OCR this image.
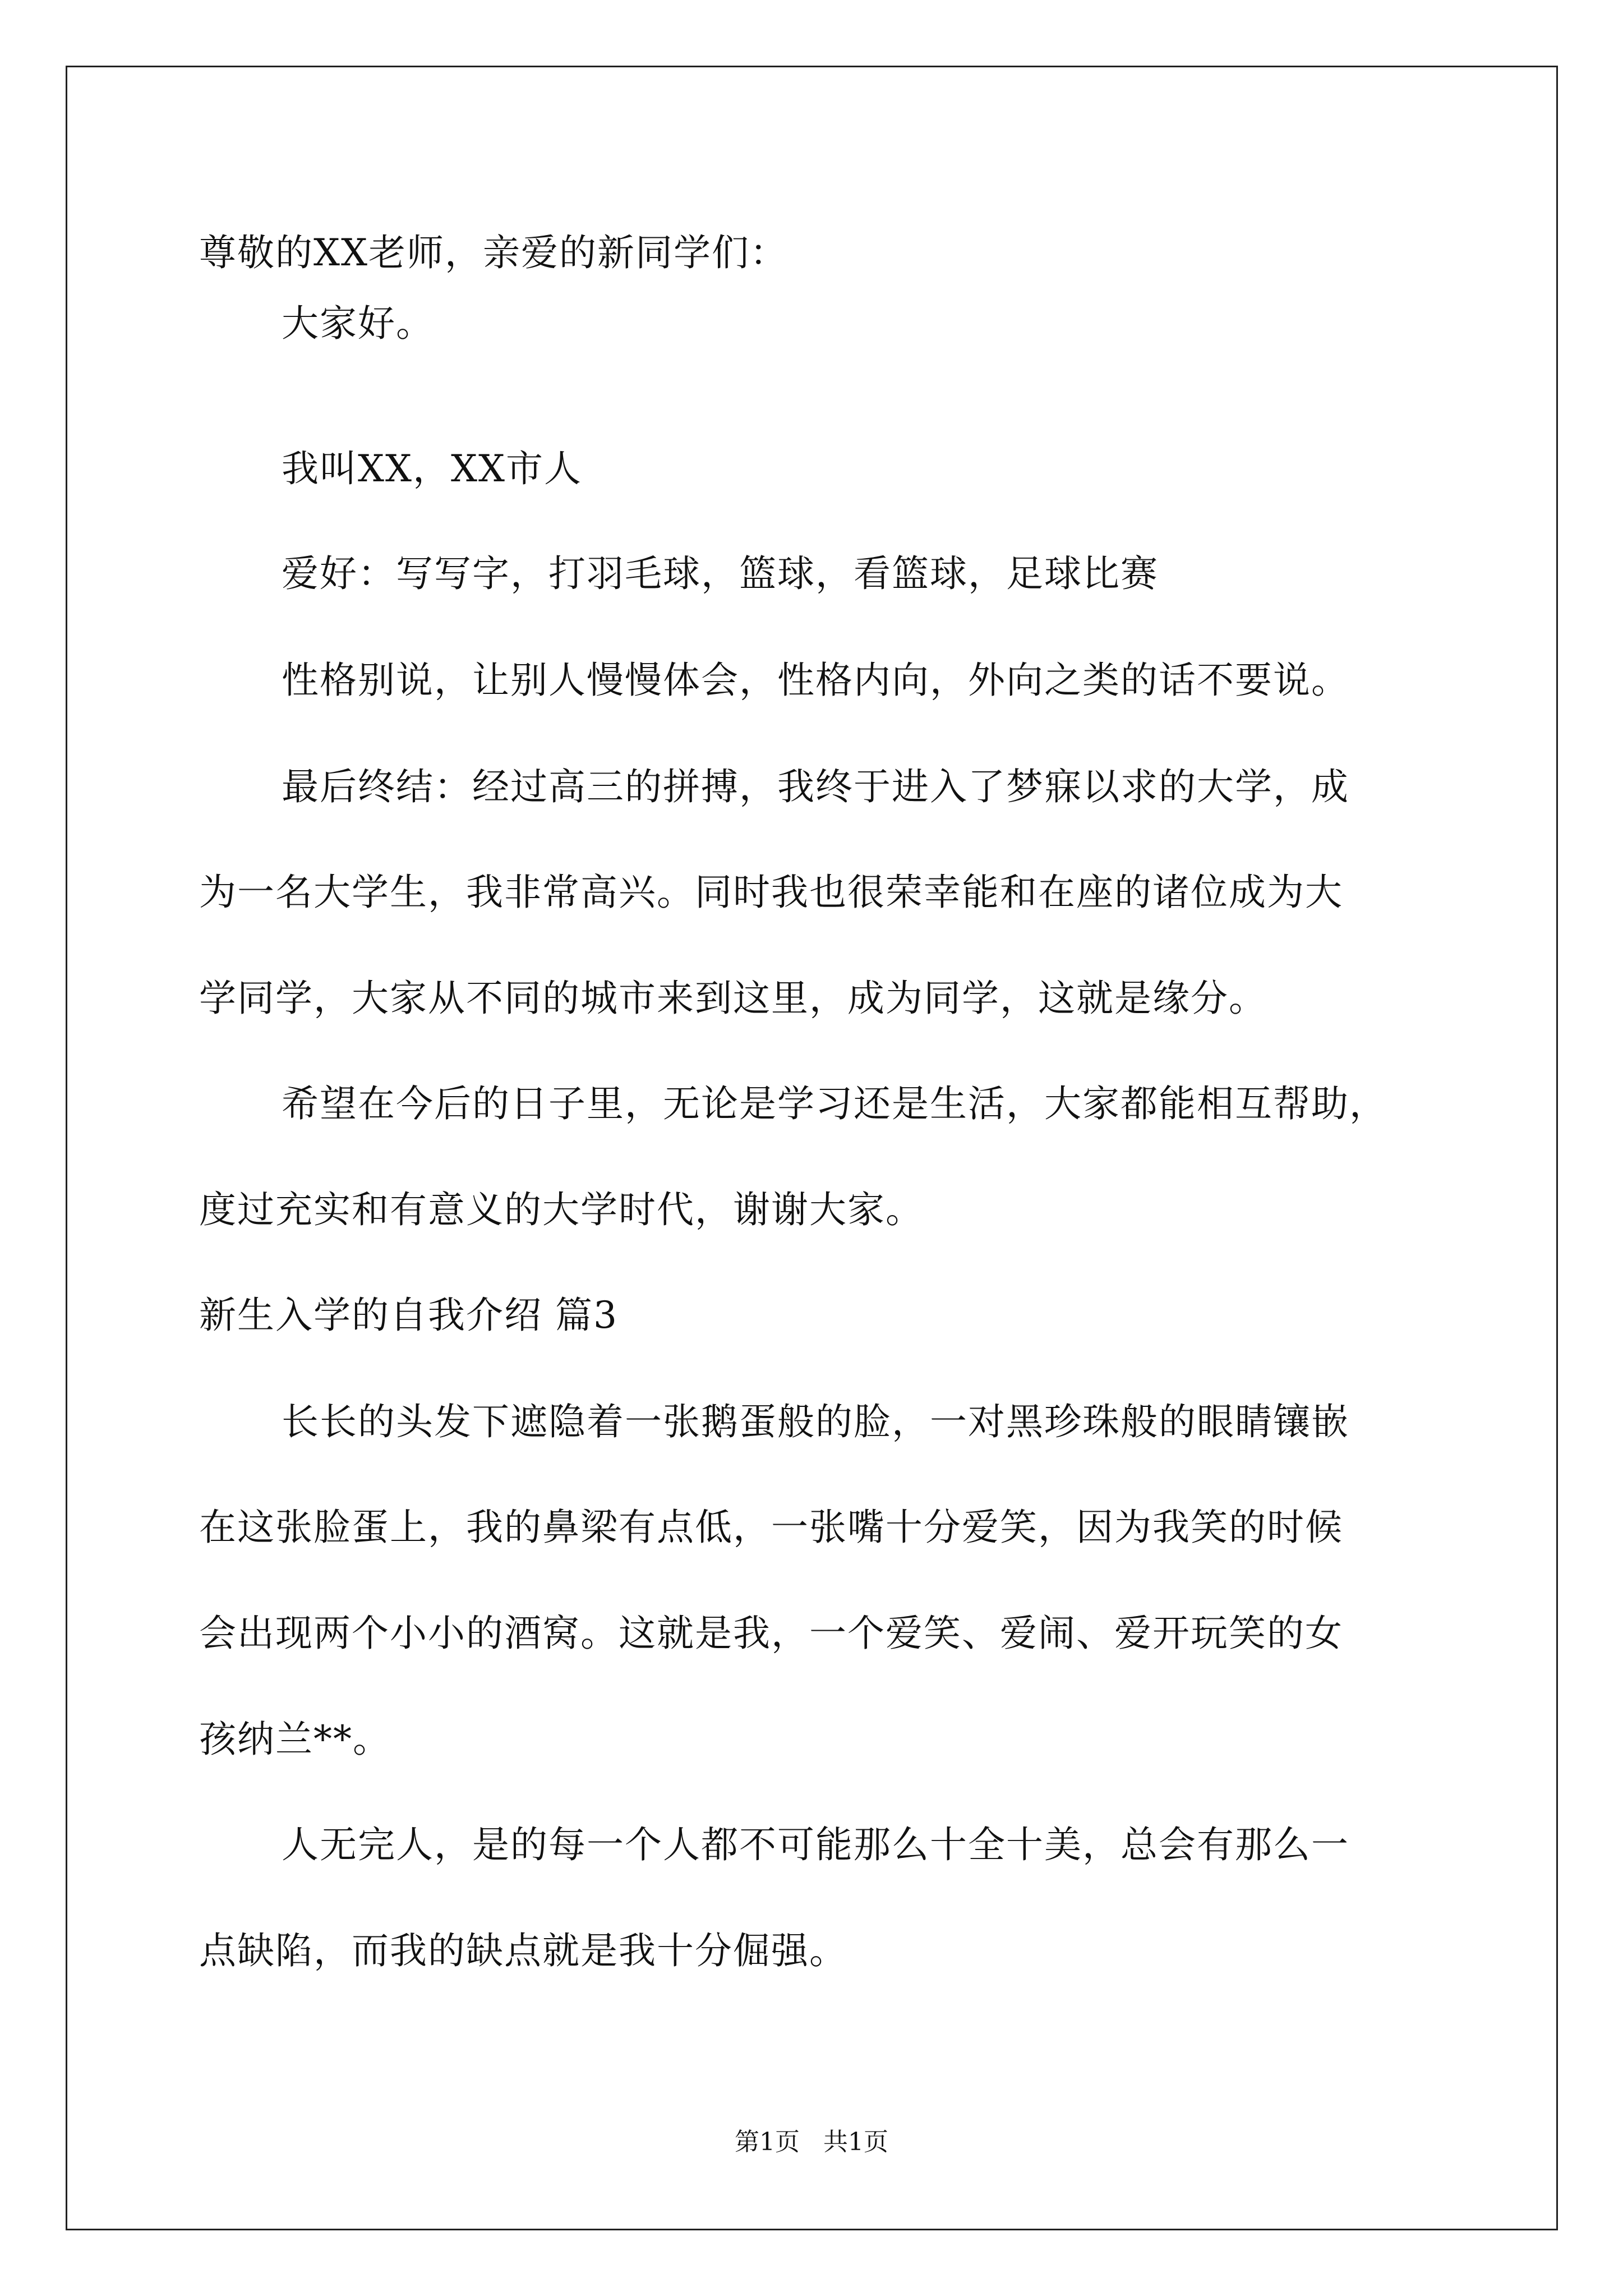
尊敬的XX老师，亲爱的新同学们：
大家好。
我叫XX，XX市人
爱好：写写字，打羽毛球，篮球，看篮球，足球比赛
性格别说，让别人慢慢体会，性格内向，外向之类的话不要说。
最后终结：经过高三的拼搏，我终于进入了梦寐以求的大学，成
为一名大学生，我非常高兴。同时我也很荣幸能和在座的诸位成为大
学同学，大家从不同的城市来到这里，成为同学，这就是缘分。
希望在今后的日子里，无论是学习还是生活，大家都能相互帮助，
度过充实和有意义的大学时代，谢谢大家。
新生入学的自我介绍 篇3
长长的头发下遮隐着一张鹅蛋般的脸，一对黑珍珠般的眼睛镶嵌
在这张脸蛋上，我的鼻梁有点低，一张嘴十分爱笑，因为我笑的时候
会出现两个小小的酒窝。这就是我，一个爱笑、爱闹、爱开玩笑的女
孩纳兰**。
人无完人，是的每一个人都不可能那么十全十美，总会有那么一
点缺陷，而我的缺点就是我十分倔强。
第1页   共1页
